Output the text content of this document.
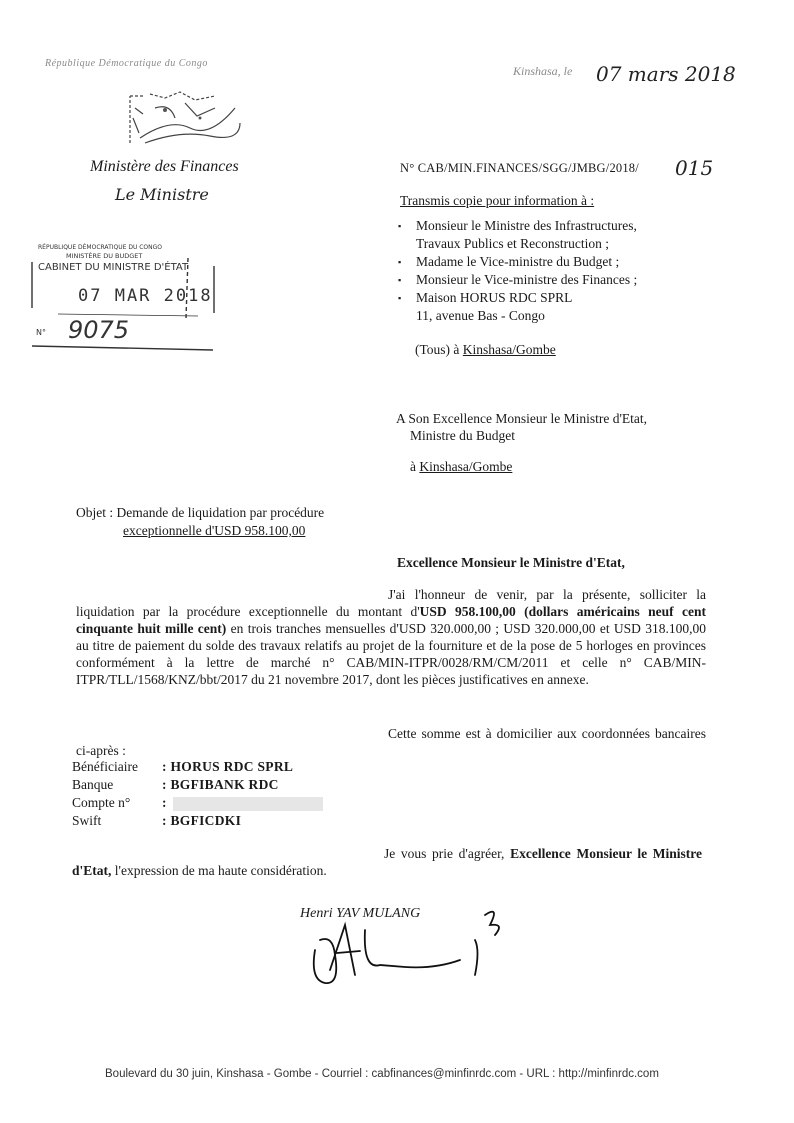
République Démocratique du Congo
Ministère des Finances
Le Ministre
RÉPUBLIQUE DÉMOCRATIQUE DU CONGO
MINISTÈRE DU BUDGET
CABINET DU MINISTRE D'ÉTAT
07 MAR 2018
N° 9075
Kinshasa, le 07 mars 2018
N° CAB/MIN.FINANCES/SGG/JMBG/2018/ 015
Transmis copie pour information à :
▪ Monsieur le Ministre des Infrastructures,
Travaux Publics et Reconstruction ;
▪ Madame le Vice-ministre du Budget ;
▪ Monsieur le Vice-ministre des Finances ;
▪ Maison HORUS RDC SPRL
11, avenue Bas - Congo
(Tous) à Kinshasa/Gombe
A Son Excellence Monsieur le Ministre d'Etat,
Ministre du Budget
à Kinshasa/Gombe
Objet : Demande de liquidation par procédure
exceptionnelle d'USD 958.100,00
Excellence Monsieur le Ministre d'Etat,
J'ai l'honneur de venir, par la présente, solliciter la liquidation par la procédure exceptionnelle du montant d'USD 958.100,00 (dollars américains neuf cent cinquante huit mille cent) en trois tranches mensuelles d'USD 320.000,00 ; USD 320.000,00 et USD 318.100,00 au titre de paiement du solde des travaux relatifs au projet de la fourniture et de la pose de 5 horloges en provinces conformément à la lettre de marché n° CAB/MIN-ITPR/0028/RM/CM/2011 et celle n° CAB/MIN-ITPR/TLL/1568/KNZ/bbt/2017 du 21 novembre 2017, dont les pièces justificatives en annexe.
Cette somme est à domicilier aux coordonnées bancaires ci-après :
Bénéficiaire	: HORUS RDC SPRL
Banque	: BGFIBANK RDC
Compte n°	:
Swift	: BGFICDKI
Je vous prie d'agréer, Excellence Monsieur le Ministre d'Etat, l'expression de ma haute considération.
Henri YAV MULANG
Boulevard du 30 juin, Kinshasa - Gombe - Courriel : cabfinances@minfinrdc.com - URL : http://minfinrdc.com
